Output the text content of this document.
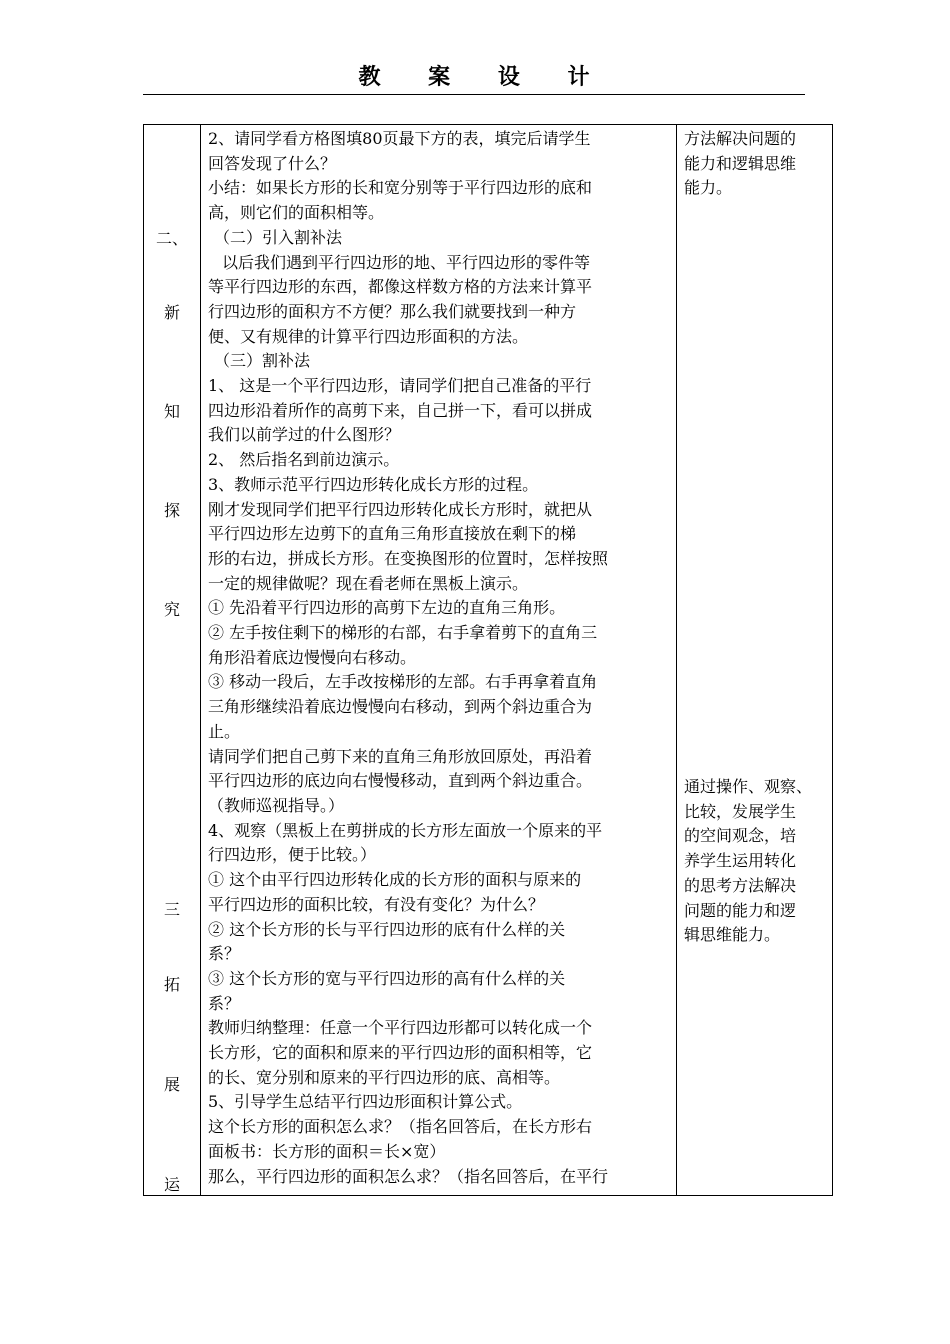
教 案 设 计
二、
新
知
探
究
三
拓
展
运

2、请同学看方格图填80页最下方的表，填完后请学生

回答发现了什么？

小结：如果长方形的长和宽分别等于平行四边形的底和

高，则它们的面积相等。

（二）引入割补法

以后我们遇到平行四边形的地、平行四边形的零件等

等平行四边形的东西，都像这样数方格的方法来计算平

行四边形的面积方不方便？那么我们就要找到一种方

便、又有规律的计算平行四边形面积的方法。

（三）割补法

1、 这是一个平行四边形，请同学们把自己准备的平行

四边形沿着所作的高剪下来，自己拼一下，看可以拼成

我们以前学过的什么图形？

2、 然后指名到前边演示。

3、教师示范平行四边形转化成长方形的过程。

刚才发现同学们把平行四边形转化成长方形时，就把从

平行四边形左边剪下的直角三角形直接放在剩下的梯

形的右边，拼成长方形。在变换图形的位置时，怎样按照

一定的规律做呢？现在看老师在黑板上演示。

① 先沿着平行四边形的高剪下左边的直角三角形。

② 左手按住剩下的梯形的右部，右手拿着剪下的直角三

角形沿着底边慢慢向右移动。

③ 移动一段后，左手改按梯形的左部。右手再拿着直角

三角形继续沿着底边慢慢向右移动，到两个斜边重合为

止。

请同学们把自己剪下来的直角三角形放回原处，再沿着

平行四边形的底边向右慢慢移动，直到两个斜边重合。

（教师巡视指导。）

4、观察（黑板上在剪拼成的长方形左面放一个原来的平

行四边形，便于比较。）

① 这个由平行四边形转化成的长方形的面积与原来的

平行四边形的面积比较，有没有变化？为什么？

② 这个长方形的长与平行四边形的底有什么样的关

系？

③ 这个长方形的宽与平行四边形的高有什么样的关

系？

教师归纳整理：任意一个平行四边形都可以转化成一个

长方形，它的面积和原来的平行四边形的面积相等，它

的长、宽分别和原来的平行四边形的底、高相等。

5、引导学生总结平行四边形面积计算公式。

这个长方形的面积怎么求？（指名回答后，在长方形右

面板书：长方形的面积＝长×宽）

那么，平行四边形的面积怎么求？（指名回答后，在平行

方法解决问题的

能力和逻辑思维

能力。

通过操作、观察、

比较，发展学生

的空间观念，培

养学生运用转化

的思考方法解决

问题的能力和逻

辑思维能力。
